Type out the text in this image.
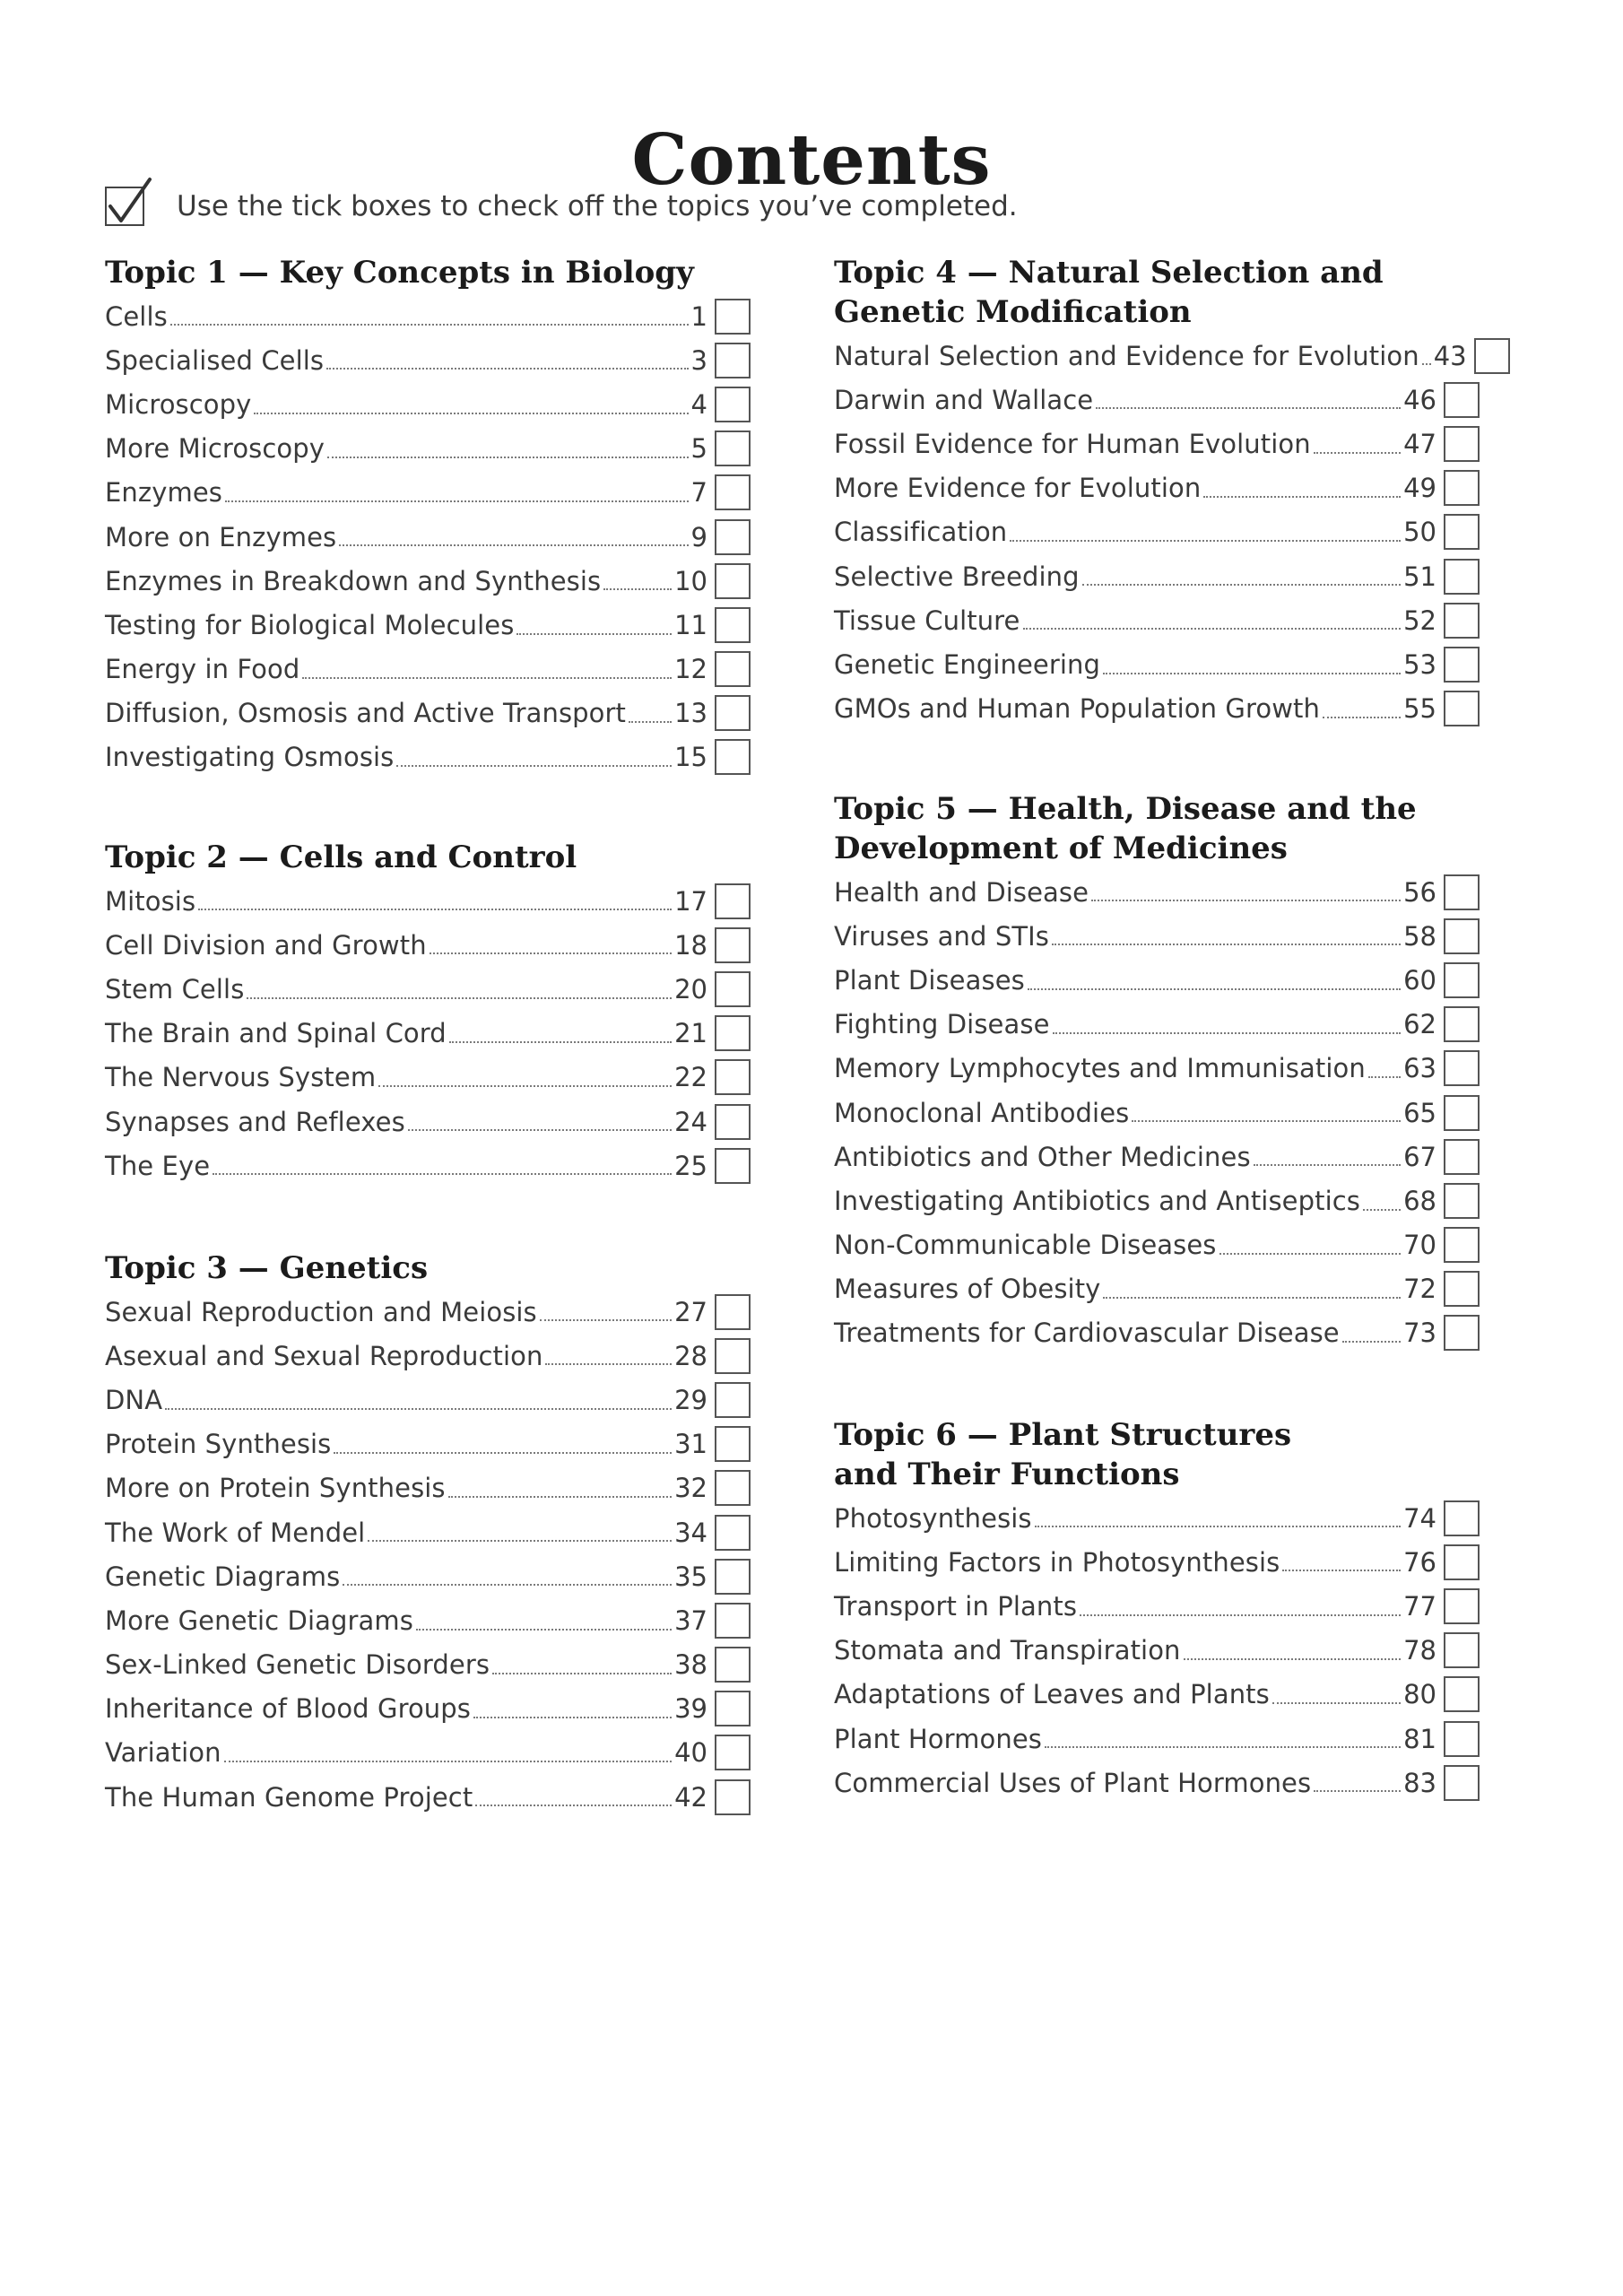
Contents
Use the tick boxes to check off the topics you’ve completed.
Topic 1 — Key Concepts in Biology
Cells	1
Specialised Cells	3
Microscopy	4
More Microscopy	5
Enzymes	7
More on Enzymes	9
Enzymes in Breakdown and Synthesis	10
Testing for Biological Molecules	11
Energy in Food	12
Diffusion, Osmosis and Active Transport 13
Investigating Osmosis	15
Topic 2 — Cells and Control
Mitosis	17
Cell Division and Growth	18
Stem Cells	20
The Brain and Spinal Cord	21
The Nervous System	22
Synapses and Reflexes	24
The Eye	25
Topic 3 — Genetics
Sexual Reproduction and Meiosis	27
Asexual and Sexual Reproduction	28
DNA	29
Protein Synthesis	31
More on Protein Synthesis	32
The Work of Mendel	34
Genetic Diagrams	35
More Genetic Diagrams	37
Sex-Linked Genetic Disorders	38
Inheritance of Blood Groups	39
Variation	40
The Human Genome Project	42
Topic 4 — Natural Selection and
Genetic Modification
Natural Selection and Evidence for Evolution 43
Darwin and Wallace	46
Fossil Evidence for Human Evolution	47
More Evidence for Evolution	49
Classification	50
Selective Breeding	51
Tissue Culture	52
Genetic Engineering	53
GMOs and Human Population Growth	55
Topic 5 — Health, Disease and the
Development of Medicines
Health and Disease	56
Viruses and STIs	58
Plant Diseases	60
Fighting Disease	62
Memory Lymphocytes and Immunisation 63
Monoclonal Antibodies	65
Antibiotics and Other Medicines	67
Investigating Antibiotics and Antiseptics 68
Non-Communicable Diseases	70
Measures of Obesity	72
Treatments for Cardiovascular Disease 73
Topic 6 — Plant Structures
and Their Functions
Photosynthesis	74
Limiting Factors in Photosynthesis	76
Transport in Plants	77
Stomata and Transpiration	78
Adaptations of Leaves and Plants	80
Plant Hormones	81
Commercial Uses of Plant Hormones	83
